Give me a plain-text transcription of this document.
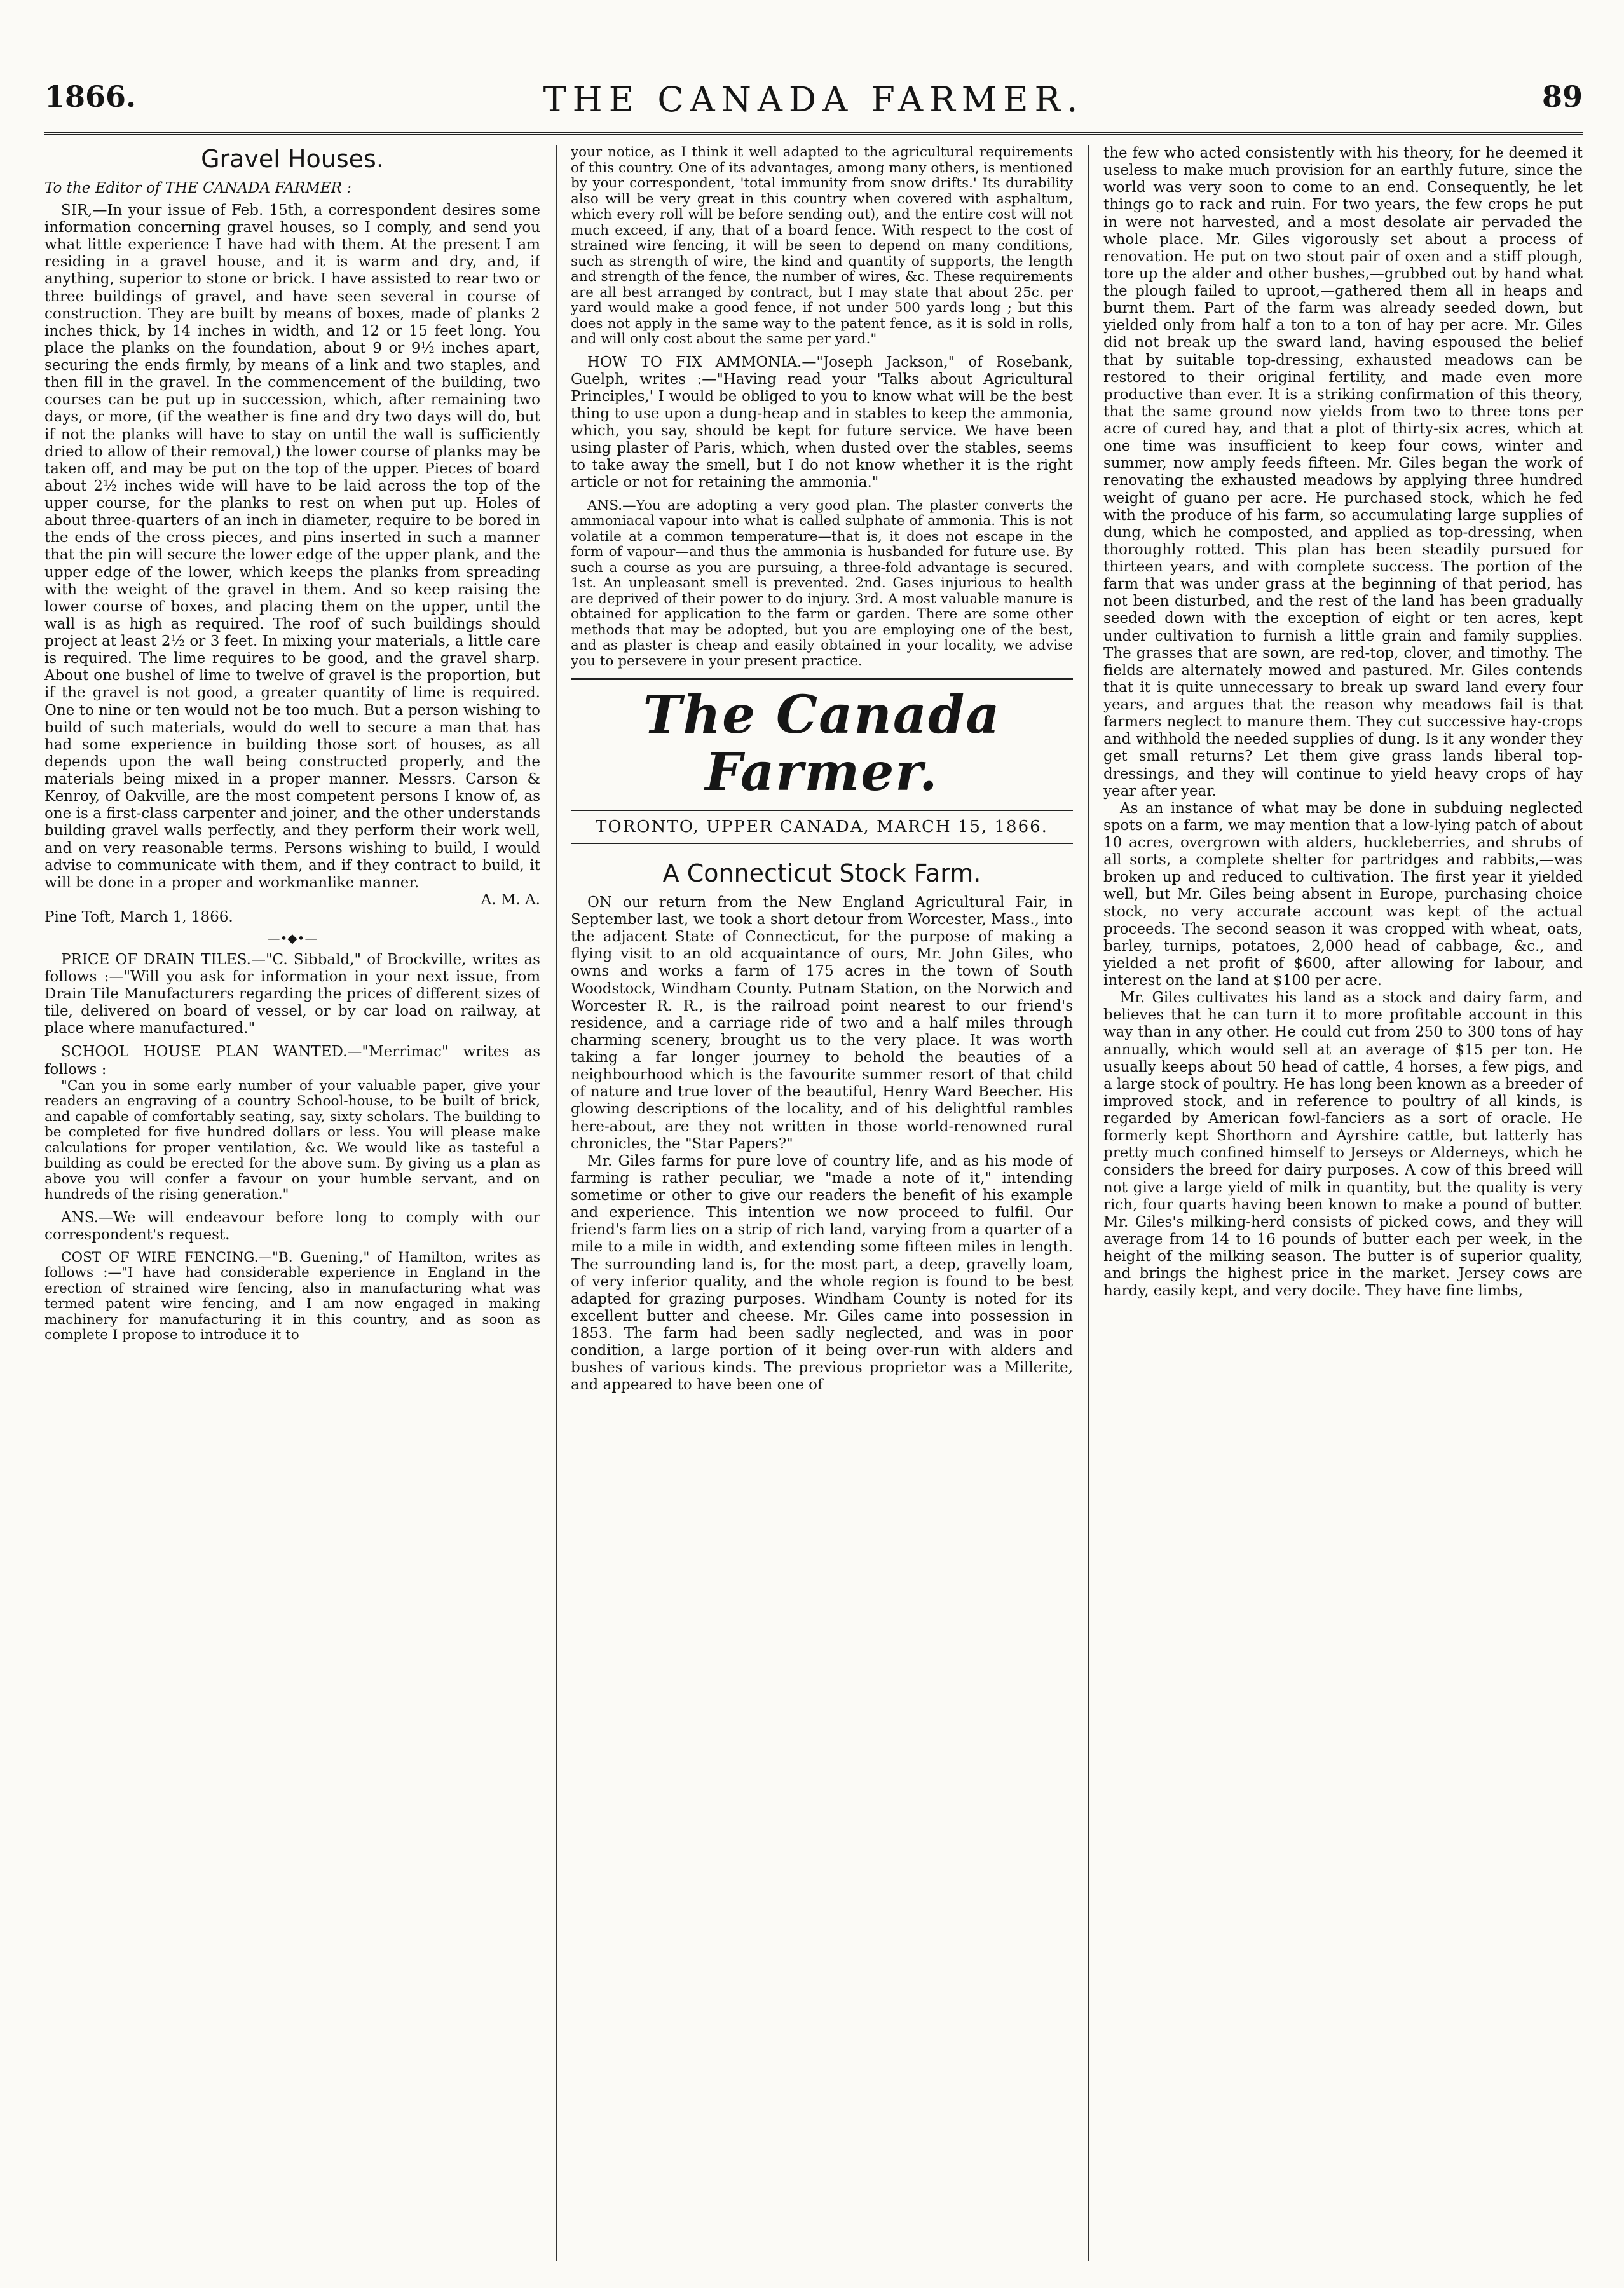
1866.	THE CANADA FARMER.	89
Gravel Houses.
To the Editor of THE CANADA FARMER :

SIR,—In your issue of Feb. 15th, a correspondent desires some information concerning gravel houses, so I comply, and send you what little experience I have had with them. At the present I am residing in a gravel house, and it is warm and dry, and, if anything, superior to stone or brick. I have assisted to rear two or three buildings of gravel, and have seen several in course of construction. They are built by means of boxes, made of planks 2 inches thick, by 14 inches in width, and 12 or 15 feet long. You place the planks on the foundation, about 9 or 9½ inches apart, securing the ends firmly, by means of a link and two staples, and then fill in the gravel. In the commencement of the building, two courses can be put up in succession, which, after remaining two days, or more, (if the weather is fine and dry two days will do, but if not the planks will have to stay on until the wall is sufficiently dried to allow of their removal,) the lower course of planks may be taken off, and may be put on the top of the upper. Pieces of board about 2½ inches wide will have to be laid across the top of the upper course, for the planks to rest on when put up. Holes of about three-quarters of an inch in diameter, require to be bored in the ends of the cross pieces, and pins inserted in such a manner that the pin will secure the lower edge of the upper plank, and the upper edge of the lower, which keeps the planks from spreading with the weight of the gravel in them. And so keep raising the lower course of boxes, and placing them on the upper, until the wall is as high as required. The roof of such buildings should project at least 2½ or 3 feet. In mixing your materials, a little care is required. The lime requires to be good, and the gravel sharp. About one bushel of lime to twelve of gravel is the proportion, but if the gravel is not good, a greater quantity of lime is required. One to nine or ten would not be too much. But a person wishing to build of such materials, would do well to secure a man that has had some experience in building those sort of houses, as all depends upon the wall being constructed properly, and the materials being mixed in a proper manner. Messrs. Carson & Kenroy, of Oakville, are the most competent persons I know of, as one is a first-class carpenter and joiner, and the other understands building gravel walls perfectly, and they perform their work well, and on very reasonable terms. Persons wishing to build, I would advise to communicate with them, and if they contract to build, it will be done in a proper and workmanlike manner.

A. M. A.

Pine Toft, March 1, 1866.

—•◆•—

PRICE OF DRAIN TILES.—"C. Sibbald," of Brockville, writes as follows :—"Will you ask for information in your next issue, from Drain Tile Manufacturers regarding the prices of different sizes of tile, delivered on board of vessel, or by car load on railway, at place where manufactured."

SCHOOL HOUSE PLAN WANTED.—"Merrimac" writes as follows :

"Can you in some early number of your valuable paper, give your readers an engraving of a country School-house, to be built of brick, and capable of comfortably seating, say, sixty scholars. The building to be completed for five hundred dollars or less. You will please make calculations for proper ventilation, &c. We would like as tasteful a building as could be erected for the above sum. By giving us a plan as above you will confer a favour on your humble servant, and on hundreds of the rising generation."

ANS.—We will endeavour before long to comply with our correspondent's request.

COST OF WIRE FENCING.—"B. Guening," of Hamilton, writes as follows :—"I have had considerable experience in England in the erection of strained wire fencing, also in manufacturing what was termed patent wire fencing, and I am now engaged in making machinery for manufacturing it in this country, and as soon as complete I propose to introduce it to

your notice, as I think it well adapted to the agricultural requirements of this country. One of its advantages, among many others, is mentioned by your correspondent, 'total immunity from snow drifts.' Its durability also will be very great in this country when covered with asphaltum, which every roll will be before sending out), and the entire cost will not much exceed, if any, that of a board fence. With respect to the cost of strained wire fencing, it will be seen to depend on many conditions, such as strength of wire, the kind and quantity of supports, the length and strength of the fence, the number of wires, &c. These requirements are all best arranged by contract, but I may state that about 25c. per yard would make a good fence, if not under 500 yards long ; but this does not apply in the same way to the patent fence, as it is sold in rolls, and will only cost about the same per yard."

HOW TO FIX AMMONIA.—"Joseph Jackson," of Rosebank, Guelph, writes :—"Having read your 'Talks about Agricultural Principles,' I would be obliged to you to know what will be the best thing to use upon a dung-heap and in stables to keep the ammonia, which, you say, should be kept for future service. We have been using plaster of Paris, which, when dusted over the stables, seems to take away the smell, but I do not know whether it is the right article or not for retaining the ammonia."

ANS.—You are adopting a very good plan. The plaster converts the ammoniacal vapour into what is called sulphate of ammonia. This is not volatile at a common temperature—that is, it does not escape in the form of vapour—and thus the ammonia is husbanded for future use. By such a course as you are pursuing, a three-fold advantage is secured. 1st. An unpleasant smell is prevented. 2nd. Gases injurious to health are deprived of their power to do injury. 3rd. A most valuable manure is obtained for application to the farm or garden. There are some other methods that may be adopted, but you are employing one of the best, and as plaster is cheap and easily obtained in your locality, we advise you to persevere in your present practice.

The Canada Farmer.
TORONTO, UPPER CANADA, MARCH 15, 1866.
A Connecticut Stock Farm.

ON our return from the New England Agricultural Fair, in September last, we took a short detour from Worcester, Mass., into the adjacent State of Connecticut, for the purpose of making a flying visit to an old acquaintance of ours, Mr. John Giles, who owns and works a farm of 175 acres in the town of South Woodstock, Windham County. Putnam Station, on the Norwich and Worcester R. R., is the railroad point nearest to our friend's residence, and a carriage ride of two and a half miles through charming scenery, brought us to the very place. It was worth taking a far longer journey to behold the beauties of a neighbourhood which is the favourite summer resort of that child of nature and true lover of the beautiful, Henry Ward Beecher. His glowing descriptions of the locality, and of his delightful rambles here-about, are they not written in those world-renowned rural chronicles, the "Star Papers?"

Mr. Giles farms for pure love of country life, and as his mode of farming is rather peculiar, we "made a note of it," intending sometime or other to give our readers the benefit of his example and experience. This intention we now proceed to fulfil. Our friend's farm lies on a strip of rich land, varying from a quarter of a mile to a mile in width, and extending some fifteen miles in length. The surrounding land is, for the most part, a deep, gravelly loam, of very inferior quality, and the whole region is found to be best adapted for grazing purposes. Windham County is noted for its excellent butter and cheese. Mr. Giles came into possession in 1853. The farm had been sadly neglected, and was in poor condition, a large portion of it being over-run with alders and bushes of various kinds. The previous proprietor was a Millerite, and appeared to have been one of

the few who acted consistently with his theory, for he deemed it useless to make much provision for an earthly future, since the world was very soon to come to an end. Consequently, he let things go to rack and ruin. For two years, the few crops he put in were not harvested, and a most desolate air pervaded the whole place. Mr. Giles vigorously set about a process of renovation. He put on two stout pair of oxen and a stiff plough, tore up the alder and other bushes,—grubbed out by hand what the plough failed to uproot,—gathered them all in heaps and burnt them. Part of the farm was already seeded down, but yielded only from half a ton to a ton of hay per acre. Mr. Giles did not break up the sward land, having espoused the belief that by suitable top-dressing, exhausted meadows can be restored to their original fertility, and made even more productive than ever. It is a striking confirmation of this theory, that the same ground now yields from two to three tons per acre of cured hay, and that a plot of thirty-six acres, which at one time was insufficient to keep four cows, winter and summer, now amply feeds fifteen. Mr. Giles began the work of renovating the exhausted meadows by applying three hundred weight of guano per acre. He purchased stock, which he fed with the produce of his farm, so accumulating large supplies of dung, which he composted, and applied as top-dressing, when thoroughly rotted. This plan has been steadily pursued for thirteen years, and with complete success. The portion of the farm that was under grass at the beginning of that period, has not been disturbed, and the rest of the land has been gradually seeded down with the exception of eight or ten acres, kept under cultivation to furnish a little grain and family supplies. The grasses that are sown, are red-top, clover, and timothy. The fields are alternately mowed and pastured. Mr. Giles contends that it is quite unnecessary to break up sward land every four years, and argues that the reason why meadows fail is that farmers neglect to manure them. They cut successive hay-crops and withhold the needed supplies of dung. Is it any wonder they get small returns? Let them give grass lands liberal top-dressings, and they will continue to yield heavy crops of hay year after year.

As an instance of what may be done in subduing neglected spots on a farm, we may mention that a low-lying patch of about 10 acres, overgrown with alders, huckleberries, and shrubs of all sorts, a complete shelter for partridges and rabbits,—was broken up and reduced to cultivation. The first year it yielded well, but Mr. Giles being absent in Europe, purchasing choice stock, no very accurate account was kept of the actual proceeds. The second season it was cropped with wheat, oats, barley, turnips, potatoes, 2,000 head of cabbage, &c., and yielded a net profit of $600, after allowing for labour, and interest on the land at $100 per acre.

Mr. Giles cultivates his land as a stock and dairy farm, and believes that he can turn it to more profitable account in this way than in any other. He could cut from 250 to 300 tons of hay annually, which would sell at an average of $15 per ton. He usually keeps about 50 head of cattle, 4 horses, a few pigs, and a large stock of poultry. He has long been known as a breeder of improved stock, and in reference to poultry of all kinds, is regarded by American fowl-fanciers as a sort of oracle. He formerly kept Shorthorn and Ayrshire cattle, but latterly has pretty much confined himself to Jerseys or Alderneys, which he considers the breed for dairy purposes. A cow of this breed will not give a large yield of milk in quantity, but the quality is very rich, four quarts having been known to make a pound of butter. Mr. Giles's milking-herd consists of picked cows, and they will average from 14 to 16 pounds of butter each per week, in the height of the milking season. The butter is of superior quality, and brings the highest price in the market. Jersey cows are hardy, easily kept, and very docile. They have fine limbs,
